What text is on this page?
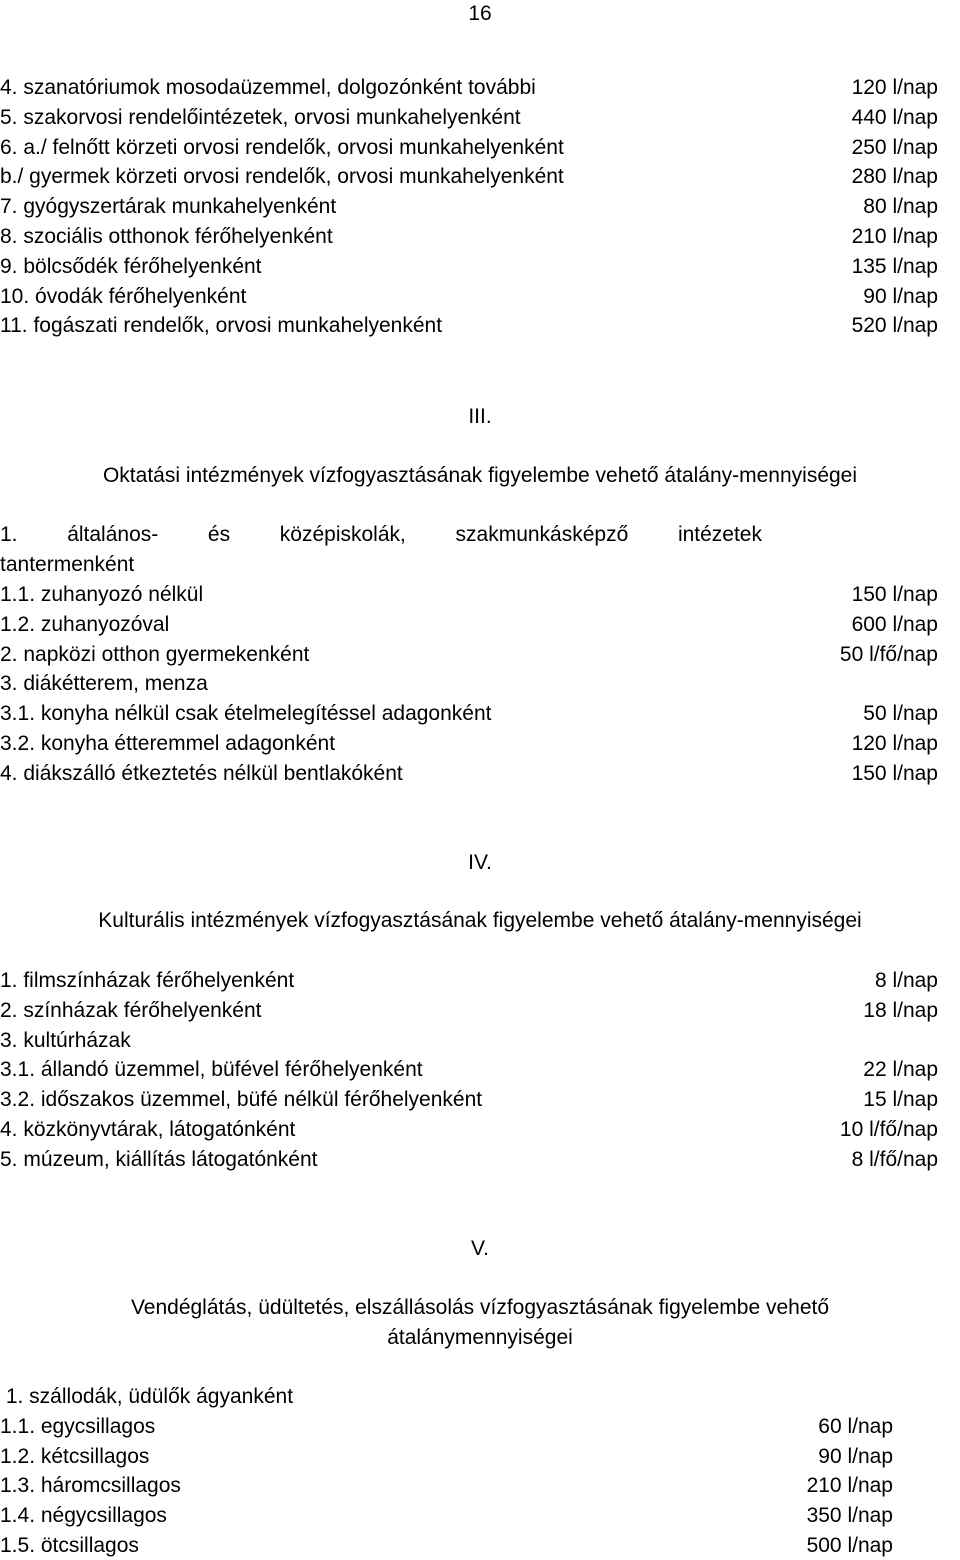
16
4. szanatóriumok mosodaüzemmel, dolgozónként további	120 l/nap
5. szakorvosi rendelőintézetek, orvosi munkahelyenként	440 l/nap
6. a./ felnőtt körzeti orvosi rendelők, orvosi munkahelyenként	250 l/nap
b./ gyermek körzeti orvosi rendelők, orvosi munkahelyenként	280 l/nap
7. gyógyszertárak munkahelyenként	80 l/nap
8. szociális otthonok férőhelyenként	210 l/nap
9. bölcsődék férőhelyenként	135 l/nap
10. óvodák férőhelyenként	90 l/nap
11. fogászati rendelők, orvosi munkahelyenként	520 l/nap
III.
Oktatási intézmények vízfogyasztásának figyelembe vehető átalány-mennyiségei
1. általános- és középiskolák, szakmunkásképző intézetek
tantermenként
1.1. zuhanyozó nélkül	150 l/nap
1.2. zuhanyozóval	600 l/nap
2. napközi otthon gyermekenként	50 l/fő/nap
3. diákétterem, menza
3.1. konyha nélkül csak ételmelegítéssel adagonként	50 l/nap
3.2. konyha étteremmel adagonként	120 l/nap
4. diákszálló étkeztetés nélkül bentlakóként	150 l/nap
IV.
Kulturális intézmények vízfogyasztásának figyelembe vehető átalány-mennyiségei
1. filmszínházak férőhelyenként	8 l/nap
2. színházak férőhelyenként	18 l/nap
3. kultúrházak
3.1. állandó üzemmel, büfével férőhelyenként	22 l/nap
3.2. időszakos üzemmel, büfé nélkül férőhelyenként	15 l/nap
4. közkönyvtárak, látogatónként	10 l/fő/nap
5. múzeum, kiállítás látogatónként	8 l/fő/nap
V.
Vendéglátás, üdültetés, elszállásolás vízfogyasztásának figyelembe vehető
átalánymennyiségei
1. szállodák, üdülők ágyanként
1.1. egycsillagos	60 l/nap
1.2. kétcsillagos	90 l/nap
1.3. háromcsillagos	210 l/nap
1.4. négycsillagos	350 l/nap
1.5. ötcsillagos	500 l/nap
